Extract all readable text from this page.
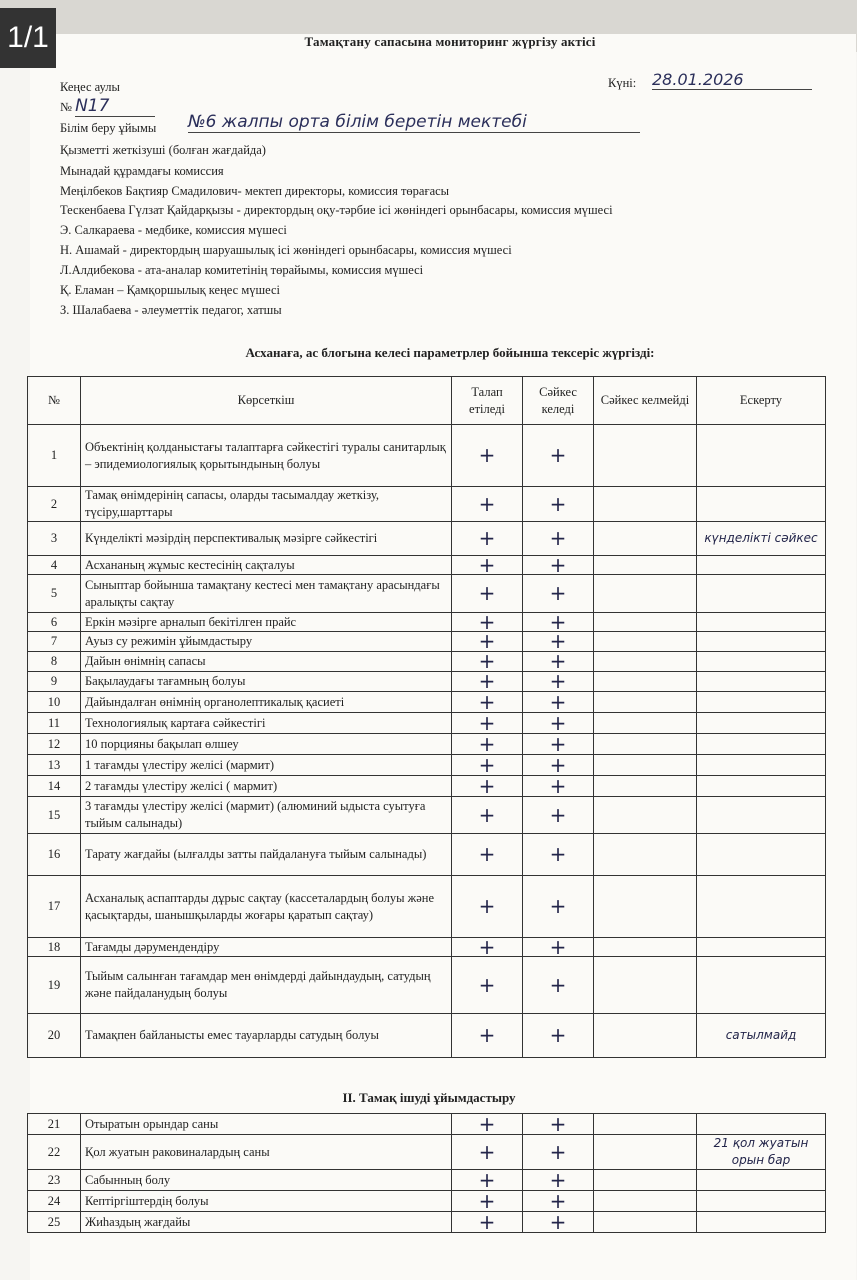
Тамақтану сапасына мониторинг жүргізу актісі
Кеңес аулы	Күні: 28.01.2026
№ N17
Білім беру ұйымы №6 жалпы орта білім беретін мектебі
Қызметті жеткізуші (болған жағдайда)
Мынадай құрамдағы комиссия
Меңілбеков Бақтияр Смадилович- мектеп директоры, комиссия төрағасы
Тескенбаева Гүлзат Қайдарқызы - директордың оқу-тәрбие ісі жөніндегі орынбасары, комиссия мүшесі
Э. Салкараева - медбике, комиссия мүшесі
Н. Ашамай - директордың шаруашылық ісі жөніндегі орынбасары, комиссия мүшесі
Л.Алдибекова - ата-аналар комитетінің төрайымы, комиссия мүшесі
Қ. Еламан – Қамқоршылық кеңес мүшесі
З. Шалабаева - әлеуметтік педагог, хатшы
Асханаға, ас блогына келесі параметрлер бойынша тексеріс жүргізді:
№	Көрсеткіш	Талап етіледі	Сәйкес келеді	Сәйкес келмейді	Ескерту
1	Объектінің қолданыстағы талаптарға сәйкестігі туралы санитарлық – эпидемиологиялық қорытындының болуы	+	+		
2	Тамақ өнімдерінің сапасы, оларды тасымалдау жеткізу, түсіру,шарттары	+	+		
3	Күнделікті мәзірдің перспективалық мәзірге сәйкестігі	+	+		күнделікті сәйкес
4	Асхананың жұмыс кестесінің сақталуы	+	+		
5	Сыныптар бойынша тамақтану кестесі мен тамақтану арасындағы аралықты сақтау	+	+		
6	Еркін мәзірге арналып бекітілген прайс	+	+		
7	Ауыз су режимін ұйымдастыру	+	+		
8	Дайын өнімнің сапасы	+	+		
9	Бақылаудағы тағамның болуы	+	+		
10	Дайындалған өнімнің органолептикалық қасиеті	+	+		
11	Технологиялық картаға сәйкестігі	+	+		
12	10 порцияны бақылап өлшеу	+	+		
13	1 тағамды үлестіру желісі (мармит)	+	+		
14	2 тағамды үлестіру желісі ( мармит)	+	+		
15	3 тағамды үлестіру желісі (мармит) (алюминий ыдыста суытуға тыйым салынады)	+	+		
16	Тарату жағдайы (ылғалды затты пайдалануға тыйым салынады)	+	+		
17	Асханалық аспаптарды дұрыс сақтау (кассеталардың болуы және қасықтарды, шанышқыларды жоғары қаратып сақтау)	+	+		
18	Тағамды дәрумендендіру	+	+		
19	Тыйым салынған тағамдар мен өнімдерді дайындаудың, сатудың және пайдаланудың болуы	+	+		
20	Тамақпен байланысты емес тауарларды сатудың болуы	+	+		сатылмайд
II. Тамақ ішуді ұйымдастыру
21	Отыратын орындар саны	+	+		
22	Қол жуатын раковиналардың саны	+	+		21 қол жуатын орын бар
23	Сабынның болу	+	+		
24	Кептіргіштердің болуы	+	+		
25	Жиһаздың жағдайы	+	+		
1/1
